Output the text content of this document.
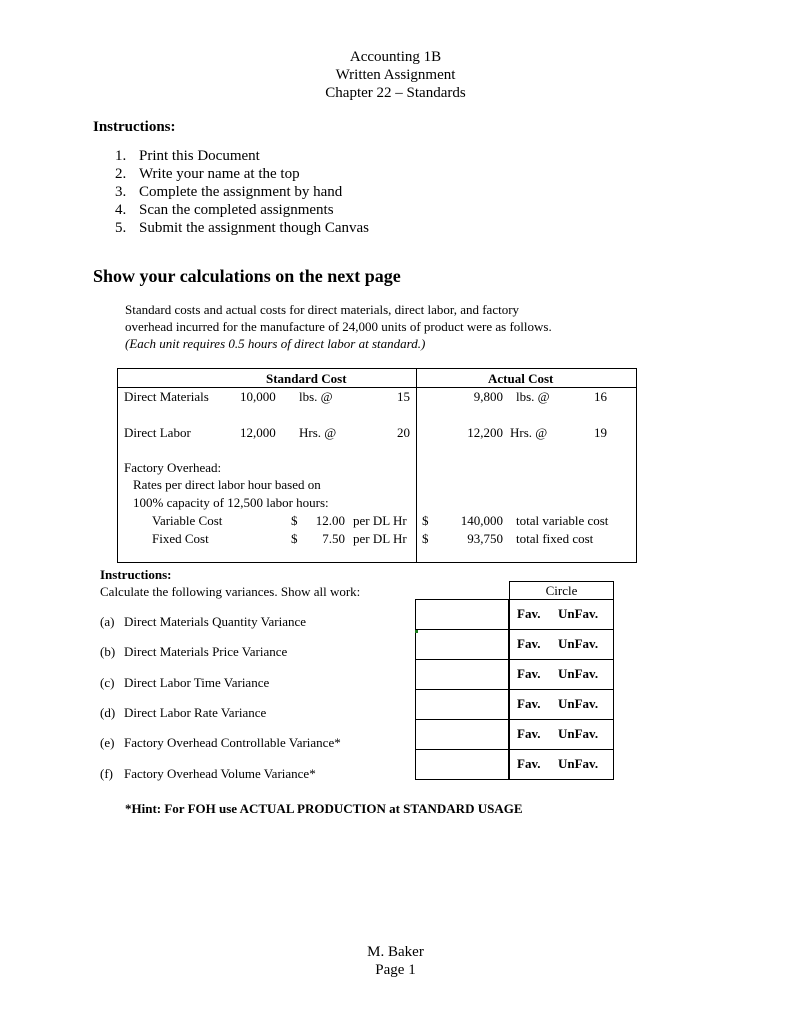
Accounting 1B
Written Assignment
Chapter 22 – Standards
Instructions:
1. Print this Document
2. Write your name at the top
3. Complete the assignment by hand
4. Scan the completed assignments
5. Submit the assignment though Canvas
Show your calculations on the next page
Standard costs and actual costs for direct materials, direct labor, and factory
overhead incurred for the manufacture of 24,000 units of product were as follows.
(Each unit requires 0.5 hours of direct labor at standard.)
Standard Cost	Actual Cost
Direct Materials 10,000 lbs. @	15	9,800 lbs. @	16
Direct Labor	12,000 Hrs. @	20	12,200 Hrs. @	19
Factory Overhead:
Rates per direct labor hour based on
100% capacity of 12,500 labor hours:
Variable Cost	$	12.00 per DL Hr $	140,000 total variable cost
Fixed Cost	$	7.50 per DL Hr $	93,750 total fixed cost
Instructions:
Calculate the following variances. Show all work:	Circle
(a) Direct Materials Quantity Variance
(b) Direct Materials Price Variance
(c) Direct Labor Time Variance
(d) Direct Labor Rate Variance
(e) Factory Overhead Controllable Variance*
(f) Factory Overhead Volume Variance*
Fav. UnFav.
Fav. UnFav.
Fav. UnFav.
Fav. UnFav.
Fav. UnFav.
Fav. UnFav.
*Hint: For FOH use ACTUAL PRODUCTION at STANDARD USAGE
M. Baker
Page 1
